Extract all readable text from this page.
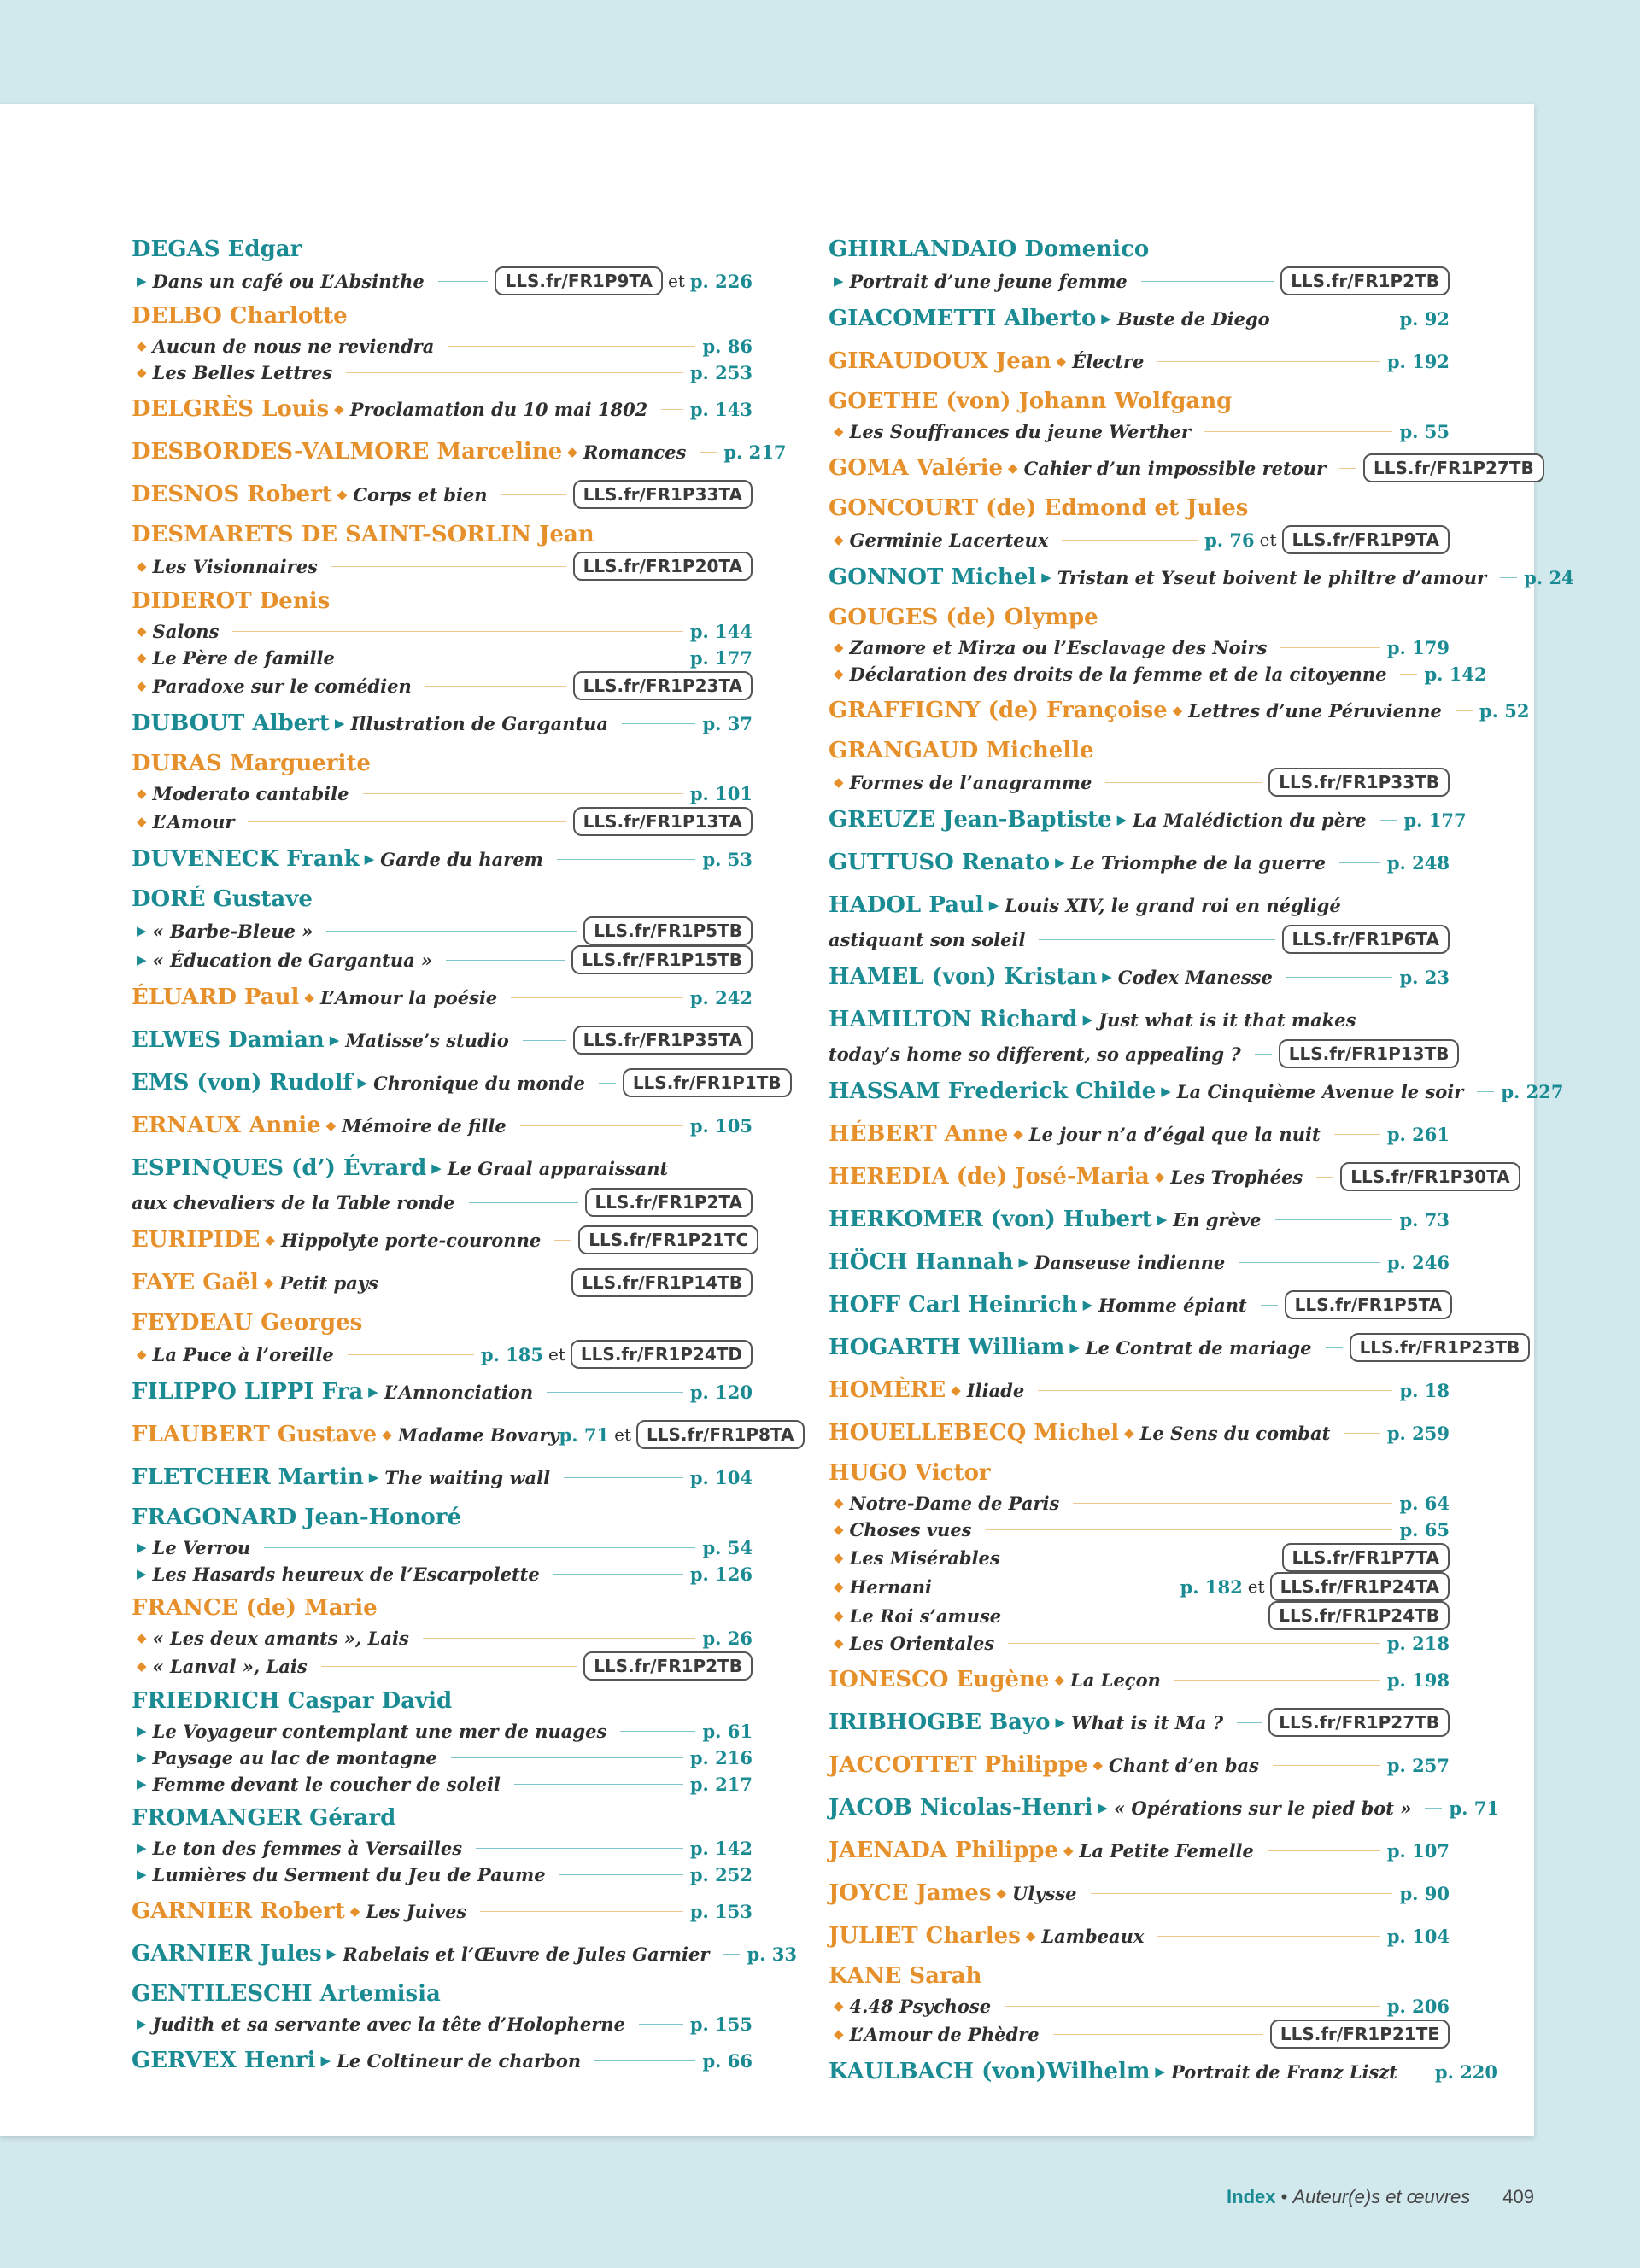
DEGAS Edgar
▶
Dans un café ou L’Absinthe	LLS.fr/FR1P9TA et p. 226
DELBO Charlotte
◆
Aucun de nous ne reviendra	p. 86
◆
Les Belles Lettres	p. 253
DELGRÈS Louis ◆ Proclamation du 10 mai 1802 p. 143
DESBORDES-VALMORE Marceline ◆ Romances p. 217
DESNOS Robert ◆ Corps et bien	LLS.fr/FR1P33TA
DESMARETS DE SAINT-SORLIN Jean
◆
Les Visionnaires	LLS.fr/FR1P20TA
DIDEROT Denis
◆
Salons	p. 144
◆
Le Père de famille	p. 177
◆
Paradoxe sur le comédien	LLS.fr/FR1P23TA
DUBOUT Albert ▶ Illustration de Gargantua	p. 37
DURAS Marguerite
◆
Moderato cantabile	p. 101
◆
L’Amour	LLS.fr/FR1P13TA
DUVENECK Frank ▶ Garde du harem	p. 53
DORÉ Gustave
▶
« Barbe-Bleue »	LLS.fr/FR1P5TB
▶
« Éducation de Gargantua »	LLS.fr/FR1P15TB
ÉLUARD Paul ◆ L’Amour la poésie	p. 242
ELWES Damian ▶ Matisse’s studio	LLS.fr/FR1P35TA
EMS (von) Rudolf ▶ Chronique du monde	LLS.fr/FR1P1TB
ERNAUX Annie ◆ Mémoire de fille	p. 105
ESPINQUES (d’) Évrard ▶ Le Graal apparaissant
aux chevaliers de la Table ronde	LLS.fr/FR1P2TA
EURIPIDE ◆ Hippolyte porte-couronne	LLS.fr/FR1P21TC
FAYE Gaël ◆ Petit pays	LLS.fr/FR1P14TB
FEYDEAU Georges
◆
La Puce à l’oreille	p. 185 et LLS.fr/FR1P24TD
FILIPPO LIPPI Fra ▶ L’Annonciation	p. 120
FLAUBERT Gustave ◆ Madame Bovary p. 71 et LLS.fr/FR1P8TA
FLETCHER Martin ▶ The waiting wall	p. 104
FRAGONARD Jean-Honoré
▶
Le Verrou	p. 54
▶
Les Hasards heureux de l’Escarpolette	p. 126
FRANCE (de) Marie
◆
« Les deux amants », Lais	p. 26
◆
« Lanval », Lais	LLS.fr/FR1P2TB
FRIEDRICH Caspar David
▶
Le Voyageur contemplant une mer de nuages	p. 61
▶
Paysage au lac de montagne	p. 216
▶
Femme devant le coucher de soleil	p. 217
FROMANGER Gérard
▶
Le ton des femmes à Versailles	p. 142
▶
Lumières du Serment du Jeu de Paume	p. 252
GARNIER Robert ◆ Les Juives	p. 153
GARNIER Jules ▶ Rabelais et l’Œuvre de Jules Garnier p. 33
GENTILESCHI Artemisia
▶
Judith et sa servante avec la tête d’Holopherne	p. 155
GERVEX Henri ▶ Le Coltineur de charbon	p. 66
GHIRLANDAIO Domenico
▶
Portrait d’une jeune femme	LLS.fr/FR1P2TB
GIACOMETTI Alberto ▶ Buste de Diego	p. 92
GIRAUDOUX Jean ◆ Électre	p. 192
GOETHE (von) Johann Wolfgang
◆
Les Souffrances du jeune Werther	p. 55
GOMA Valérie ◆ Cahier d’un impossible retour	LLS.fr/FR1P27TB
GONCOURT (de) Edmond et Jules
◆
Germinie Lacerteux	p. 76 et LLS.fr/FR1P9TA
GONNOT Michel ▶ Tristan et Yseut boivent le philtre d’amour p. 24
GOUGES (de) Olympe
◆
Zamore et Mirza ou l’Esclavage des Noirs	p. 179
◆
Déclaration des droits de la femme et de la citoyenne p. 142
GRAFFIGNY (de) Françoise ◆ Lettres d’une Péruvienne p. 52
GRANGAUD Michelle
◆
Formes de l’anagramme	LLS.fr/FR1P33TB
GREUZE Jean-Baptiste ▶ La Malédiction du père p. 177
GUTTUSO Renato ▶ Le Triomphe de la guerre	p. 248
HADOL Paul ▶ Louis XIV, le grand roi en négligé
astiquant son soleil	LLS.fr/FR1P6TA
HAMEL (von) Kristan ▶ Codex Manesse	p. 23
HAMILTON Richard ▶ Just what is it that makes
today’s home so different, so appealing ?	LLS.fr/FR1P13TB
HASSAM Frederick Childe ▶ La Cinquième Avenue le soir p. 227
HÉBERT Anne ◆ Le jour n’a d’égal que la nuit	p. 261
HEREDIA (de) José-Maria ◆ Les Trophées	LLS.fr/FR1P30TA
HERKOMER (von) Hubert ▶ En grève	p. 73
HÖCH Hannah ▶ Danseuse indienne	p. 246
HOFF Carl Heinrich ▶ Homme épiant	LLS.fr/FR1P5TA
HOGARTH William ▶ Le Contrat de mariage	LLS.fr/FR1P23TB
HOMÈRE ◆ Iliade	p. 18
HOUELLEBECQ Michel ◆ Le Sens du combat	p. 259
HUGO Victor
◆
Notre-Dame de Paris	p. 64
◆
Choses vues	p. 65
◆
Les Misérables	LLS.fr/FR1P7TA
◆
Hernani	p. 182 et LLS.fr/FR1P24TA
◆
Le Roi s’amuse	LLS.fr/FR1P24TB
◆
Les Orientales	p. 218
IONESCO Eugène ◆ La Leçon	p. 198
IRIBHOGBE Bayo ▶ What is it Ma ?	LLS.fr/FR1P27TB
JACCOTTET Philippe ◆ Chant d’en bas	p. 257
JACOB Nicolas-Henri ▶ « Opérations sur le pied bot » p. 71
JAENADA Philippe ◆ La Petite Femelle	p. 107
JOYCE James ◆ Ulysse	p. 90
JULIET Charles ◆ Lambeaux	p. 104
KANE Sarah
◆
4.48 Psychose	p. 206
◆
L’Amour de Phèdre	LLS.fr/FR1P21TE
KAULBACH (von)Wilhelm ▶ Portrait de Franz Liszt p. 220
Index • Auteur(e)s et œuvres 409
